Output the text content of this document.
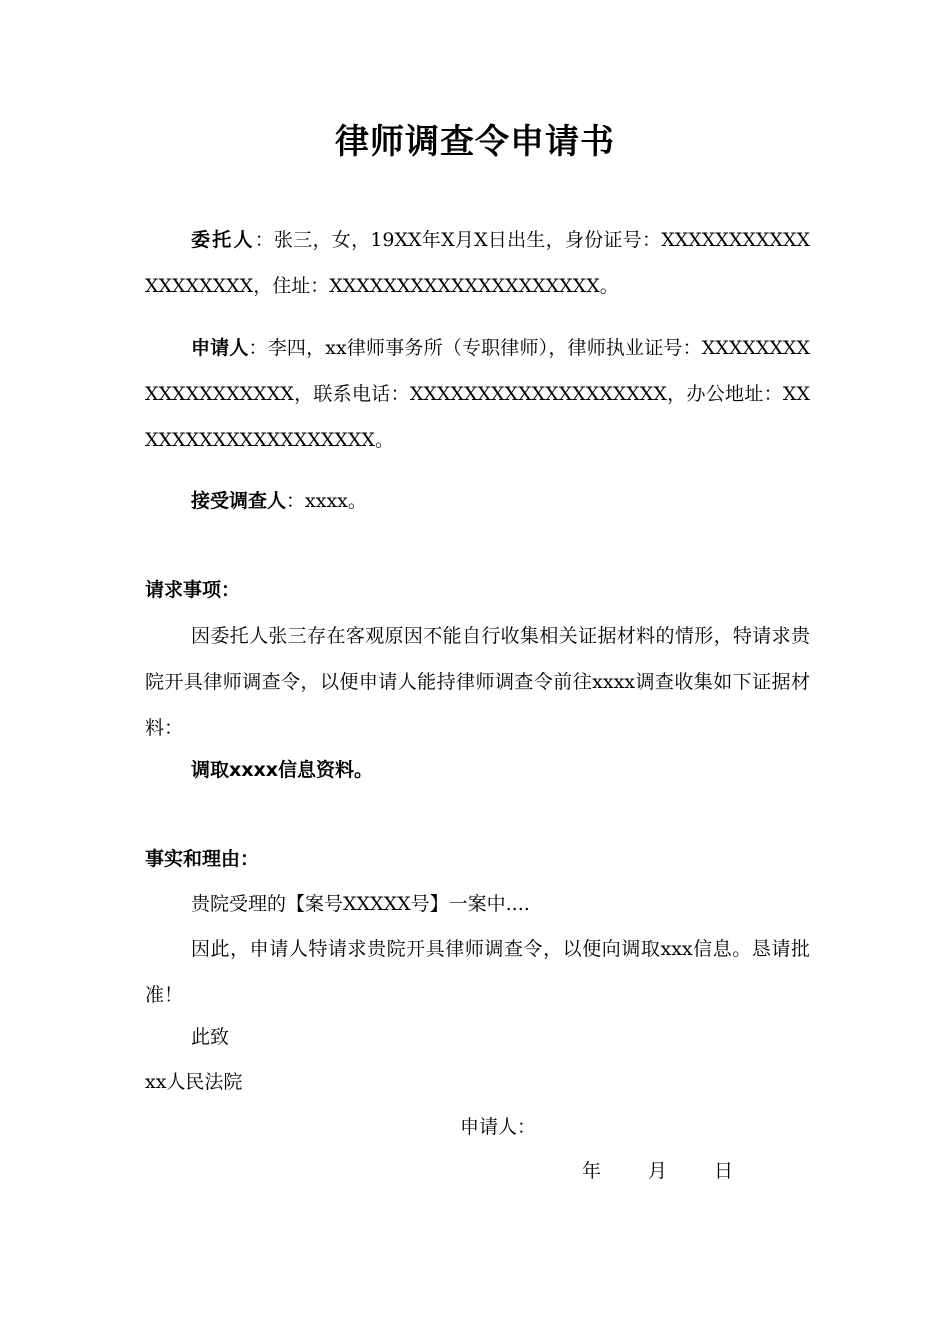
律师调查令申请书

委托人：张三，女，19XX年X月X日出生，身份证号：XXXXXXXXXXXXXXXXXXX，住址：XXXXXXXXXXXXXXXXXXXX。

申请人：李四，xx律师事务所（专职律师），律师执业证号：XXXXXXXXXXXXXXXXXXX，联系电话：XXXXXXXXXXXXXXXXXXX，办公地址：XXXXXXXXXXXXXXXXXXX。

接受调查人：xxxx。

请求事项：

因委托人张三存在客观原因不能自行收集相关证据材料的情形，特请求贵院开具律师调查令，以便申请人能持律师调查令前往xxxx调查收集如下证据材料：

调取xxxx信息资料。

事实和理由：

贵院受理的【案号XXXXX号】一案中....

因此，申请人特请求贵院开具律师调查令，以便向调取xxx信息。恳请批准！

此致

xx人民法院

申请人：

年 月 日
